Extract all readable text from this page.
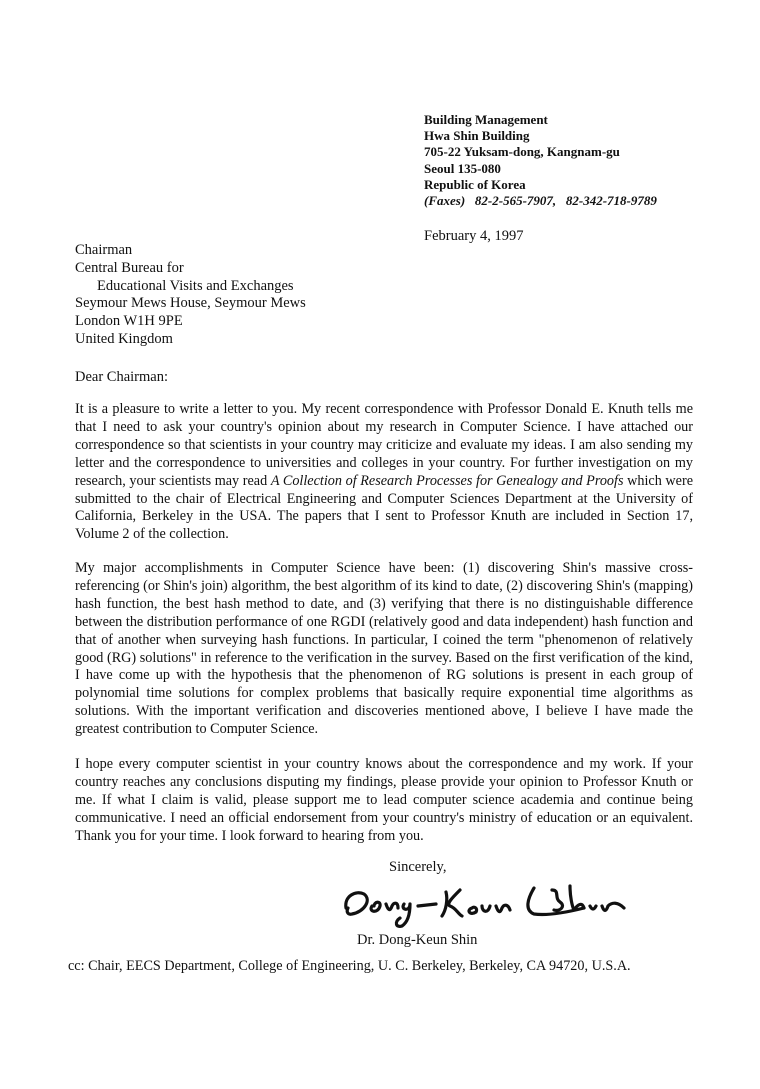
Building Management
Hwa Shin Building
705-22 Yuksam-dong, Kangnam-gu
Seoul 135-080
Republic of Korea
(Faxes)   82-2-565-7907,   82-342-718-9789
February 4, 1997
Chairman
Central Bureau for
Educational Visits and Exchanges
Seymour Mews House, Seymour Mews
London W1H 9PE
United Kingdom
Dear Chairman:

It is a pleasure to write a letter to you. My recent correspondence with Professor Donald E. Knuth tells me that I need to ask your country's opinion about my research in Computer Science. I have attached our correspondence so that scientists in your country may criticize and evaluate my ideas. I am also sending my letter and the correspondence to universities and colleges in your country. For further investigation on my research, your scientists may read A Collection of Research Processes for Genealogy and Proofs which were submitted to the chair of Electrical Engineering and Computer Sciences Department at the University of California, Berkeley in the USA. The papers that I sent to Professor Knuth are included in Section 17, Volume 2 of the collection.

My major accomplishments in Computer Science have been: (1) discovering Shin's massive cross-referencing (or Shin's join) algorithm, the best algorithm of its kind to date, (2) discovering Shin's (mapping) hash function, the best hash method to date, and (3) verifying that there is no distinguishable difference between the distribution performance of one RGDI (relatively good and data independent) hash function and that of another when surveying hash functions. In particular, I coined the term "phenomenon of relatively good (RG) solutions" in reference to the verification in the survey. Based on the first verification of the kind, I have come up with the hypothesis that the phenomenon of RG solutions is present in each group of polynomial time solutions for complex problems that basically require exponential time algorithms as solutions. With the important verification and discoveries mentioned above, I believe I have made the greatest contribution to Computer Science.

I hope every computer scientist in your country knows about the correspondence and my work. If your country reaches any conclusions disputing my findings, please provide your opinion to Professor Knuth or me. If what I claim is valid, please support me to lead computer science academia and continue being communicative. I need an official endorsement from your country's ministry of education or an equivalent. Thank you for your time. I look forward to hearing from you.

Sincerely,
Dr. Dong-Keun Shin
cc: Chair, EECS Department, College of Engineering, U. C. Berkeley, Berkeley, CA 94720, U.S.A.
